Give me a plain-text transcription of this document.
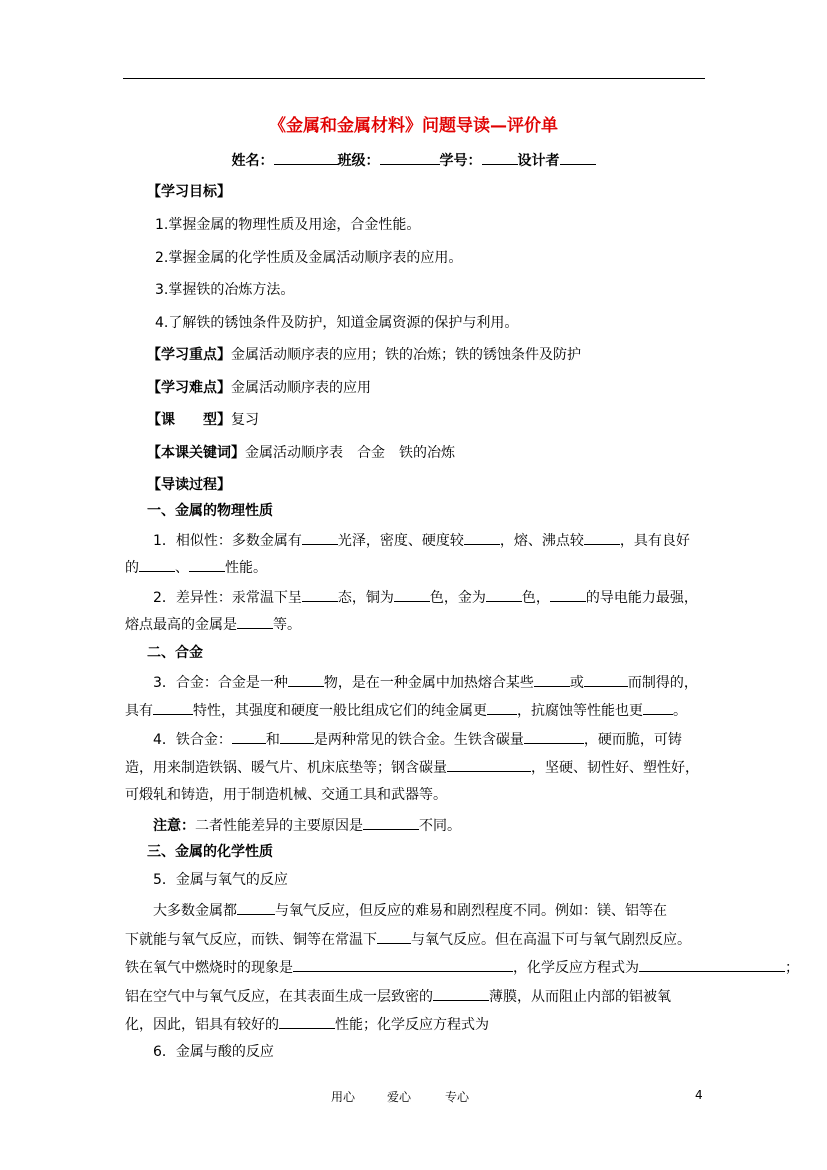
《金属和金属材料》问题导读—评价单
姓名：	班级：	学号：	设计者
【学习目标】
1.掌握金属的物理性质及用途，合金性能。
2.掌握金属的化学性质及金属活动顺序表的应用。
3.掌握铁的冶炼方法。
4.了解铁的锈蚀条件及防护，知道金属资源的保护与利用。
【学习重点】金属活动顺序表的应用；铁的冶炼；铁的锈蚀条件及防护
【学习难点】金属活动顺序表的应用
【课　　型】复习
【本课关键词】金属活动顺序表　合金　铁的冶炼
【导读过程】
一、金属的物理性质
1．相似性：多数金属有	光泽，密度、硬度较	，熔、沸点较	，具有良好
的	、	性能。
2．差异性：汞常温下呈	态，铜为	色，金为	色，	的导电能力最强，
熔点最高的金属是	等。
二、合金
3．合金：合金是一种	物，是在一种金属中加热熔合某些	或	而制得的，
具有	特性，其强度和硬度一般比组成它们的纯金属更 ，抗腐蚀等性能也更 。
4．铁合金： 和 是两种常见的铁合金。生铁含碳量	，硬而脆，可铸
造，用来制造铁锅、暖气片、机床底垫等；钢含碳量	，坚硬、韧性好、塑性好，
可煅轧和铸造，用于制造机械、交通工具和武器等。
注意：二者性能差异的主要原因是	不同。
三、金属的化学性质
5．金属与氧气的反应
大多数金属都	与氧气反应，但反应的难易和剧烈程度不同。例如：镁、铝等在
下就能与氧气反应，而铁、铜等在常温下 与氧气反应。但在高温下可与氧气剧烈反应。
铁在氧气中燃烧时的现象是	，化学反应方程式为	；
铝在空气中与氧气反应，在其表面生成一层致密的	薄膜，从而阻止内部的铝被氧
化，因此，铝具有较好的	性能；化学反应方程式为
6．金属与酸的反应
用心	爱心	专心	4
